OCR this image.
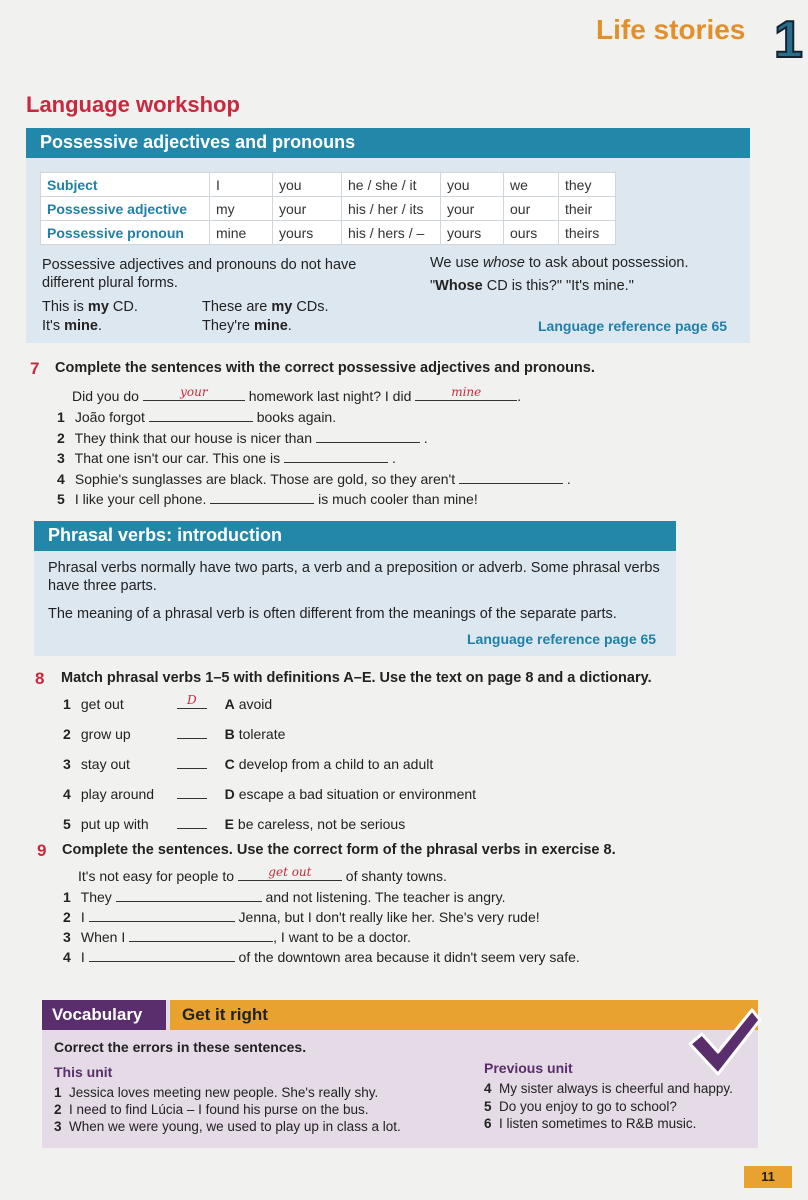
Life stories 1
Language workshop
Possessive adjectives and pronouns
Subject	I	you	he / she / it	you	we	they
Possessive adjective	my	your	his / her / its	your	our	their
Possessive pronoun	mine	yours	his / hers / –	yours	ours	theirs
Possessive adjectives and pronouns do not have different plural forms.
This is my CD.
It's mine.
These are my CDs.
They're mine.
We use whose to ask about possession.
"Whose CD is this?" "It's mine."
Language reference page 65
7 Complete the sentences with the correct possessive adjectives and pronouns.
Did you do	your	homework last night? I did	mine	.
1 João forgot	books again.
2 They think that our house is nicer than	.
3 That one isn't our car. This one is	.
4 Sophie's sunglasses are black. Those are gold, so they aren't	.
5 I like your cell phone.	is much cooler than mine!
Phrasal verbs: introduction
Phrasal verbs normally have two parts, a verb and a preposition or adverb. Some phrasal verbs have three parts.
The meaning of a phrasal verb is often different from the meanings of the separate parts.
Language reference page 65
8 Match phrasal verbs 1–5 with definitions A–E. Use the text on page 8 and a dictionary.
1 get out	D	A avoid
2 grow up	B tolerate
3 stay out	C develop from a child to an adult
4 play around	D escape a bad situation or environment
5 put up with	E be careless, not be serious
9 Complete the sentences. Use the correct form of the phrasal verbs in exercise 8.
It's not easy for people to	get out	of shanty towns.
1 They	and not listening. The teacher is angry.
2 I	Jenna, but I don't really like her. She's very rude!
3 When I	, I want to be a doctor.
4 I	of the downtown area because it didn't seem very safe.
Vocabulary	Get it right
Correct the errors in these sentences.
This unit
1 Jessica loves meeting new people. She's really shy.
2 I need to find Lúcia – I found his purse on the bus.
3 When we were young, we used to play up in class a lot.
Previous unit
4 My sister always is cheerful and happy.
5 Do you enjoy to go to school?
6 I listen sometimes to R&B music.
11
